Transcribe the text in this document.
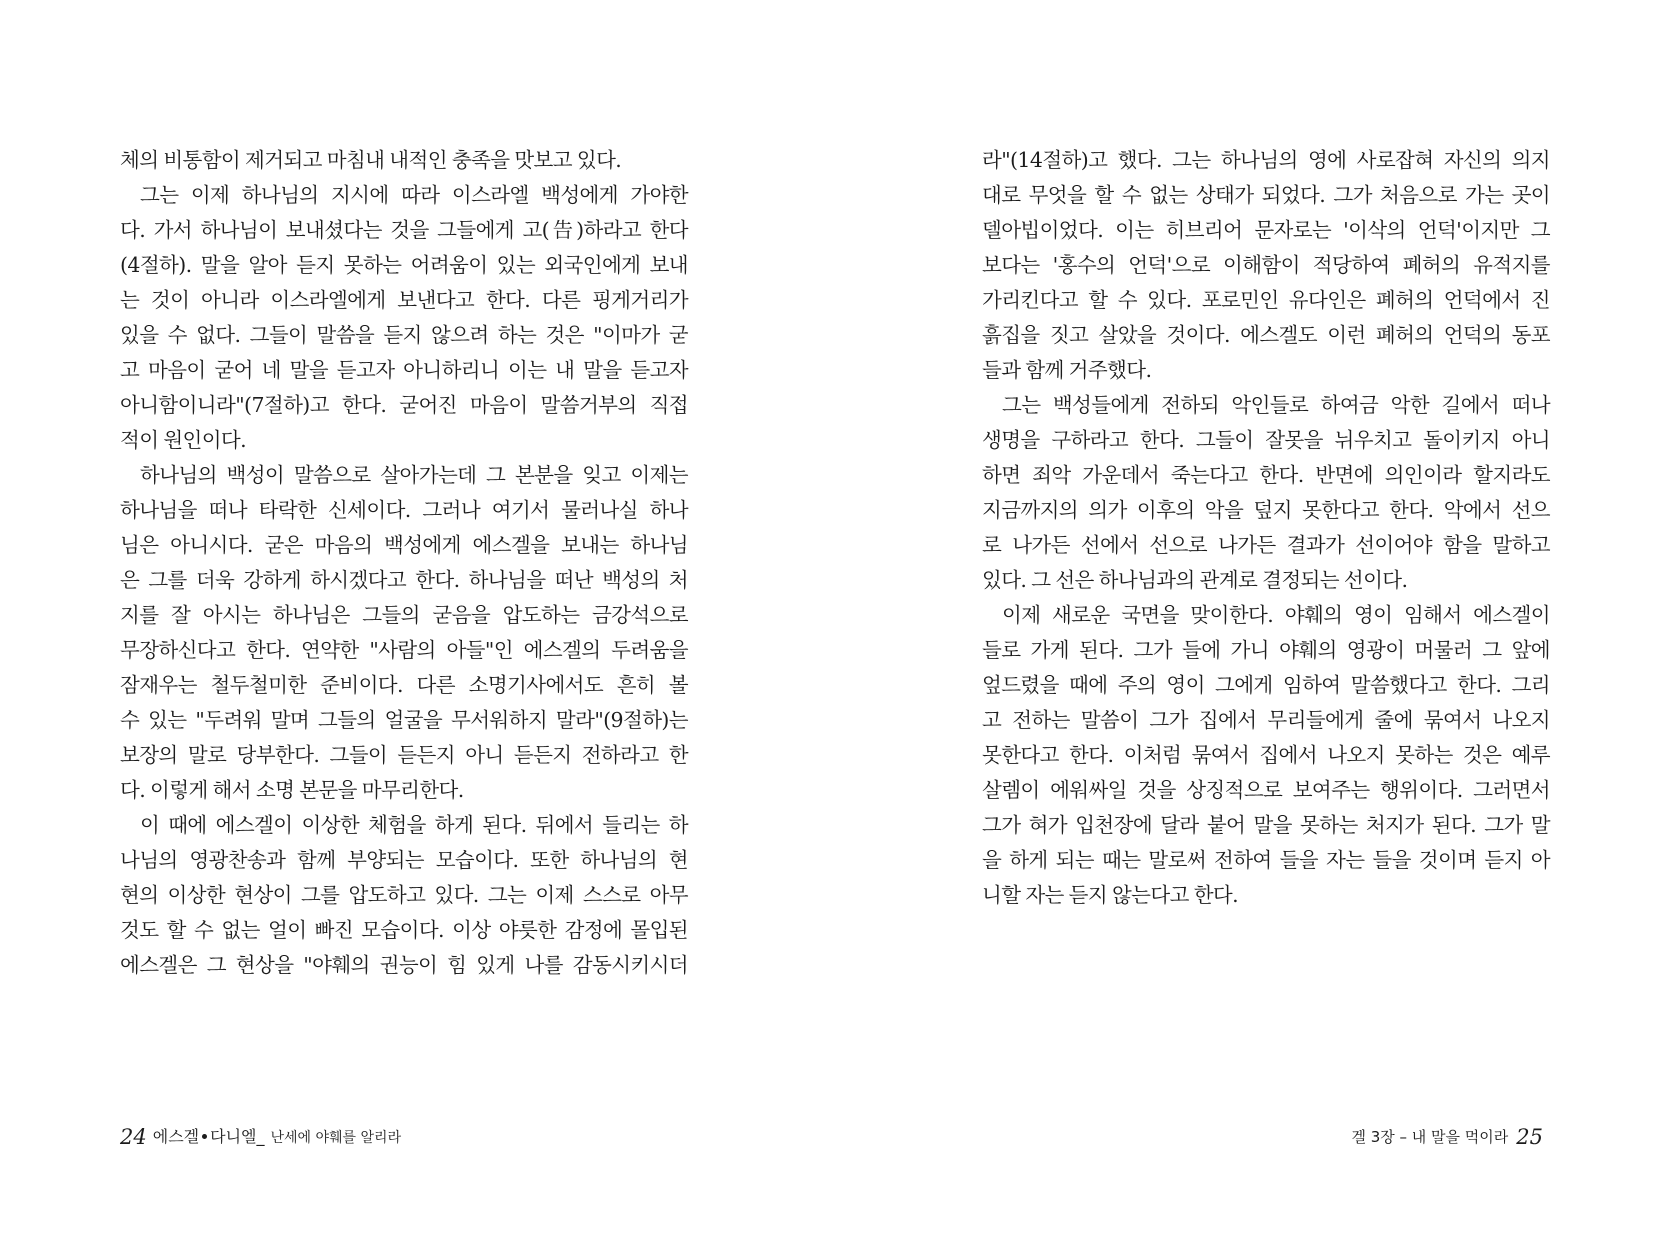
체의 비통함이 제거되고 마침내 내적인 충족을 맛보고 있다.
그는 이제 하나님의 지시에 따라 이스라엘 백성에게 가야한
다. 가서 하나님이 보내셨다는 것을 그들에게 고(告)하라고 한다
(4절하). 말을 알아 듣지 못하는 어려움이 있는 외국인에게 보내
는 것이 아니라 이스라엘에게 보낸다고 한다. 다른 핑게거리가
있을 수 없다. 그들이 말씀을 듣지 않으려 하는 것은 "이마가 굳
고 마음이 굳어 네 말을 듣고자 아니하리니 이는 내 말을 듣고자
아니함이니라"(7절하)고 한다. 굳어진 마음이 말씀거부의 직접
적이 원인이다.
하나님의 백성이 말씀으로 살아가는데 그 본분을 잊고 이제는
하나님을 떠나 타락한 신세이다. 그러나 여기서 물러나실 하나
님은 아니시다. 굳은 마음의 백성에게 에스겔을 보내는 하나님
은 그를 더욱 강하게 하시겠다고 한다. 하나님을 떠난 백성의 처
지를 잘 아시는 하나님은 그들의 굳음을 압도하는 금강석으로
무장하신다고 한다. 연약한 "사람의 아들"인 에스겔의 두려움을
잠재우는 철두철미한 준비이다. 다른 소명기사에서도 흔히 볼
수 있는 "두려워 말며 그들의 얼굴을 무서워하지 말라"(9절하)는
보장의 말로 당부한다. 그들이 듣든지 아니 듣든지 전하라고 한
다. 이렇게 해서 소명 본문을 마무리한다.
이 때에 에스겔이 이상한 체험을 하게 된다. 뒤에서 들리는 하
나님의 영광찬송과 함께 부양되는 모습이다. 또한 하나님의 현
현의 이상한 현상이 그를 압도하고 있다. 그는 이제 스스로 아무
것도 할 수 없는 얼이 빠진 모습이다. 이상 야릇한 감정에 몰입된
에스겔은 그 현상을 "야훼의 권능이 힘 있게 나를 감동시키시더
24 에스겔 다니엘_ 난세에 야훼를 알리라
라"(14절하)고 했다. 그는 하나님의 영에 사로잡혀 자신의 의지
대로 무엇을 할 수 없는 상태가 되었다. 그가 처음으로 가는 곳이
델아빕이었다. 이는 히브리어 문자로는 '이삭의 언덕'이지만 그
보다는 '홍수의 언덕'으로 이해함이 적당하여 폐허의 유적지를
가리킨다고 할 수 있다. 포로민인 유다인은 폐허의 언덕에서 진
흙집을 짓고 살았을 것이다. 에스겔도 이런 폐허의 언덕의 동포
들과 함께 거주했다.
그는 백성들에게 전하되 악인들로 하여금 악한 길에서 떠나
생명을 구하라고 한다. 그들이 잘못을 뉘우치고 돌이키지 아니
하면 죄악 가운데서 죽는다고 한다. 반면에 의인이라 할지라도
지금까지의 의가 이후의 악을 덮지 못한다고 한다. 악에서 선으
로 나가든 선에서 선으로 나가든 결과가 선이어야 함을 말하고
있다. 그 선은 하나님과의 관계로 결정되는 선이다.
이제 새로운 국면을 맞이한다. 야훼의 영이 임해서 에스겔이
들로 가게 된다. 그가 들에 가니 야훼의 영광이 머물러 그 앞에
엎드렸을 때에 주의 영이 그에게 임하여 말씀했다고 한다. 그리
고 전하는 말씀이 그가 집에서 무리들에게 줄에 묶여서 나오지
못한다고 한다. 이처럼 묶여서 집에서 나오지 못하는 것은 예루
살렘이 에워싸일 것을 상징적으로 보여주는 행위이다. 그러면서
그가 혀가 입천장에 달라 붙어 말을 못하는 처지가 된다. 그가 말
을 하게 되는 때는 말로써 전하여 들을 자는 들을 것이며 듣지 아
니할 자는 듣지 않는다고 한다.
겔 3장 – 내 말을 먹이라 25
